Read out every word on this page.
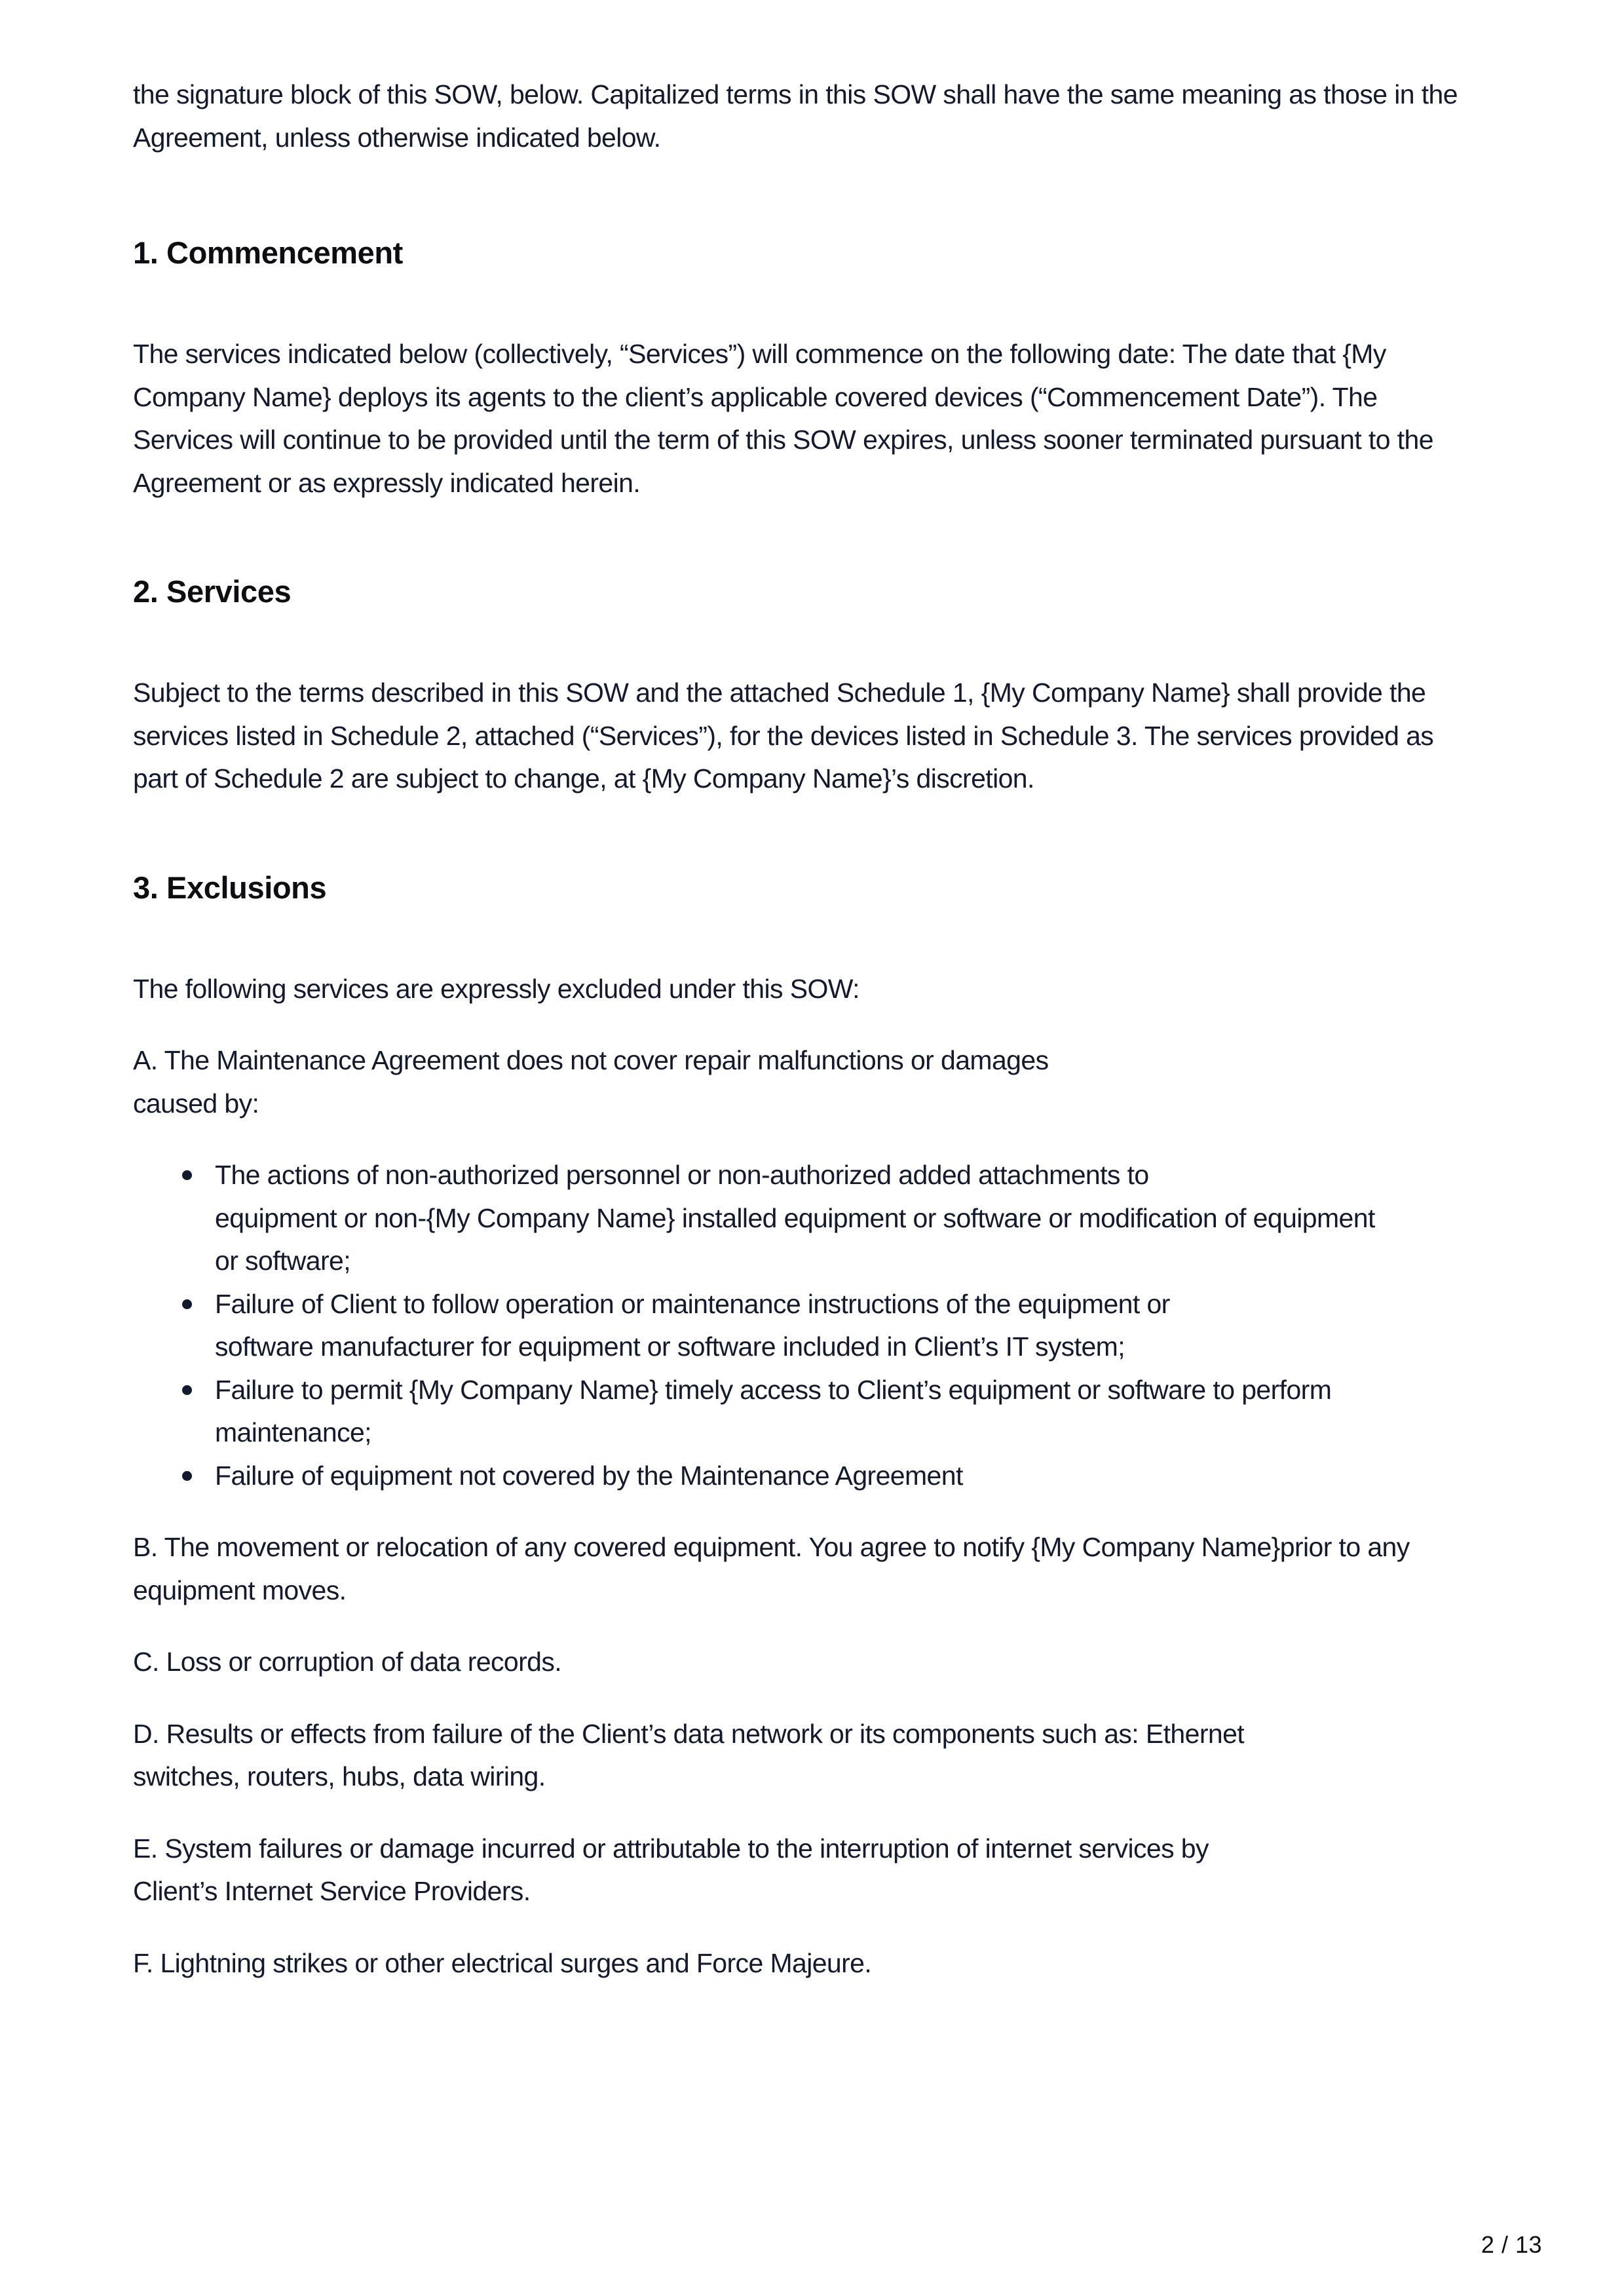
the signature block of this SOW, below. Capitalized terms in this SOW shall have the same meaning as those in the
Agreement, unless otherwise indicated below.

1. Commencement

The services indicated below (collectively, “Services”) will commence on the following date: The date that {My
Company Name} deploys its agents to the client’s applicable covered devices (“Commencement Date”). The
Services will continue to be provided until the term of this SOW expires, unless sooner terminated pursuant to the
Agreement or as expressly indicated herein.

2. Services

Subject to the terms described in this SOW and the attached Schedule 1, {My Company Name} shall provide the
services listed in Schedule 2, attached (“Services”), for the devices listed in Schedule 3. The services provided as
part of Schedule 2 are subject to change, at {My Company Name}’s discretion.

3. Exclusions

The following services are expressly excluded under this SOW:

A. The Maintenance Agreement does not cover repair malfunctions or damages
caused by:

The actions of non-authorized personnel or non-authorized added attachments to
equipment or non-{My Company Name} installed equipment or software or modification of equipment
or software;
Failure of Client to follow operation or maintenance instructions of the equipment or
software manufacturer for equipment or software included in Client’s IT system;
Failure to permit {My Company Name} timely access to Client’s equipment or software to perform
maintenance;
Failure of equipment not covered by the Maintenance Agreement

B. The movement or relocation of any covered equipment. You agree to notify {My Company Name}prior to any
equipment moves.

C. Loss or corruption of data records.

D. Results or effects from failure of the Client’s data network or its components such as: Ethernet
switches, routers, hubs, data wiring.

E. System failures or damage incurred or attributable to the interruption of internet services by
Client’s Internet Service Providers.

F. Lightning strikes or other electrical surges and Force Majeure.

2 / 13
